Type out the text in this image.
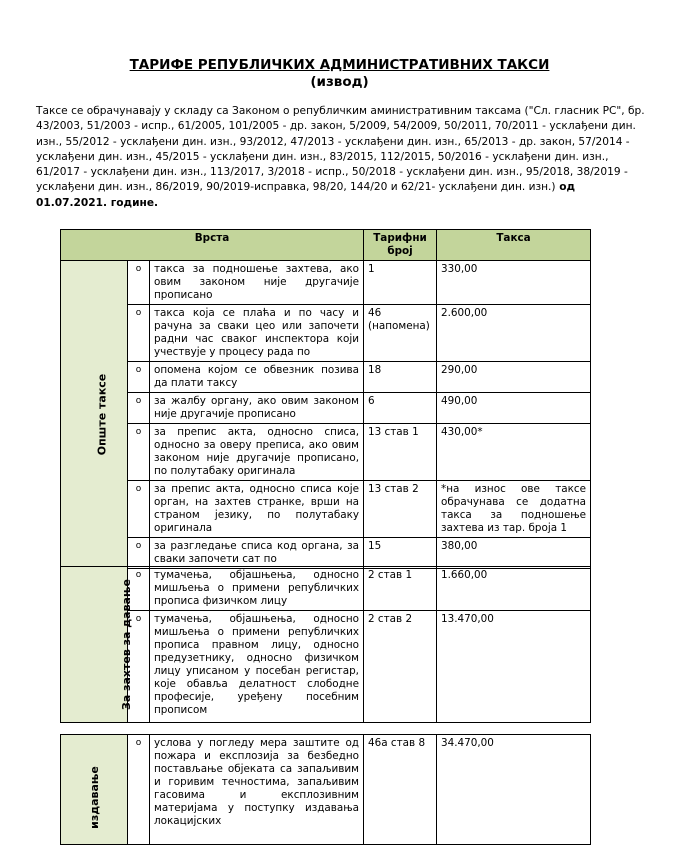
ТАРИФЕ РЕПУБЛИЧКИХ АДМИНИСТРАТИВНИХ ТАКСИ
(извод)
Таксе се обрачунавају у складу са Законом о републичким аминистративним таксама ("Сл. гласник РС", бр. 43/2003, 51/2003 - испр., 61/2005, 101/2005 - др. закон, 5/2009, 54/2009, 50/2011, 70/2011 - усклађени дин. изн., 55/2012 - усклађени дин. изн., 93/2012, 47/2013 - усклађени дин. изн., 65/2013 - др. закон, 57/2014 - усклађени дин. изн., 45/2015 - усклађени дин. изн., 83/2015, 112/2015, 50/2016 - усклађени дин. изн., 61/2017 - усклађени дин. изн., 113/2017, 3/2018 - испр., 50/2018 - усклађени дин. изн., 95/2018, 38/2019 - усклађени дин. изн., 86/2019, 90/2019-исправка, 98/20, 144/20 и 62/21- усклађени дин. изн.) од 01.07.2021. године.
Врста			Тарифни број	Такса
Опште таксе	o	такса за подношење захтева, ако овим законом није другачије прописано	1	330,00
	o	такса која се плаћа и по часу и рачуна за сваки цео или започети радни час сваког инспектора који учествује у процесу рада по	46 (напомена)	2.600,00
	o	опомена којом се обвезник позива да плати таксу	18	290,00
	o	за жалбу органу, ако овим законом није другачије прописано	6	490,00
	o	за препис акта, односно списа, односно за оверу преписа, ако овим законом није другачије прописано, по полутабаку оригинала	13 став 1	430,00*
	o	за препис акта, односно списа које орган, на захтев странке, врши на страном језику, по полутабаку оригинала	13 став 2	*на износ ове таксе обрачунава се додатна такса за подношење захтева из тар. броја 1
	o	за разгледање списа код органа, за сваки започети сат по	15	380,00
За захтев за давање	o	тумачења, објашњења, односно мишљења о примени републичких прописа физичком лицу	2 став 1	1.660,00
	o	тумачења, објашњења, односно мишљења о примени републичких прописа правном лицу, односно предузетнику, односно физичком лицу уписаном у посебан регистар, које обавља делатност слободне професије, уређену посебним прописом	2 став 2	13.470,00
издавање	o	услова у погледу мера заштите од пожара и експлозија за безбедно постављање објеката са запаљивим и горивим течностима, запаљивим гасовима и експлозивним материјама у поступку издавања локацијских	46а став 8	34.470,00
